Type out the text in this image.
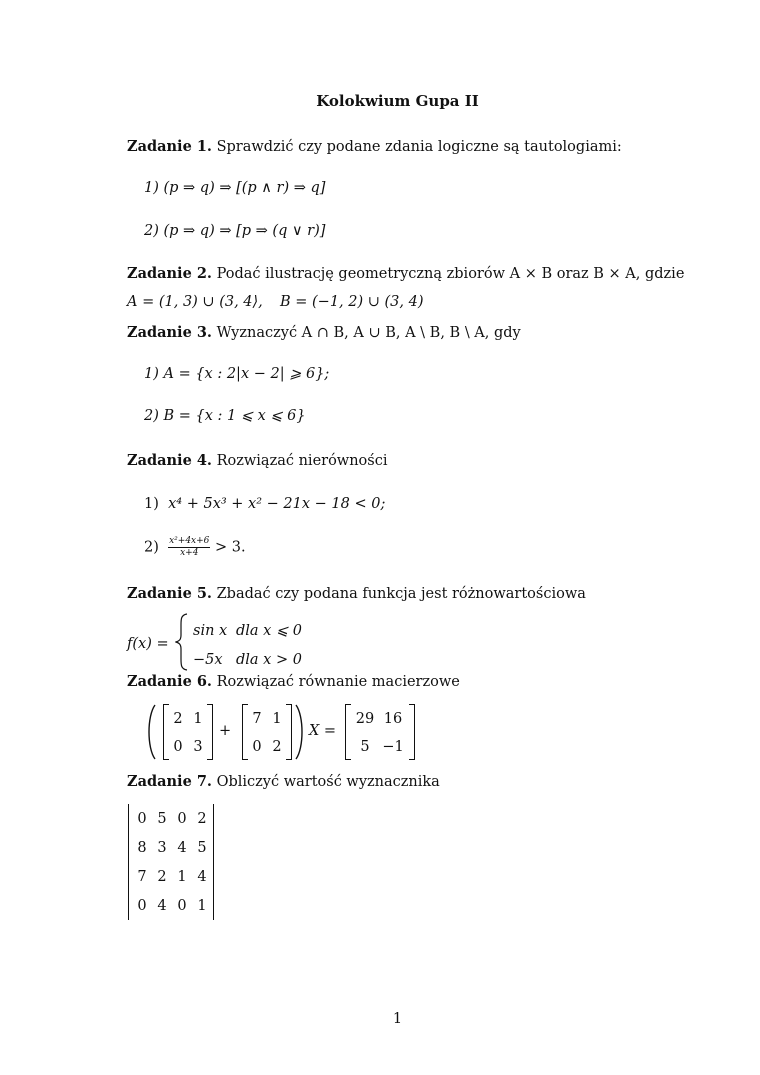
Kolokwium Gupa II
Zadanie 1. Sprawdzić czy podane zdania logiczne są tautologiami:
1) (p ⇒ q) ⇒ [(p ∧ r) ⇒ q]
2) (p ⇒ q) ⇒ [p ⇒ (q ∨ r)]
Zadanie 2. Podać ilustrację geometryczną zbiorów A × B oraz B × A, gdzie
A = (1, 3) ∪ (3, 4⟩, B = (−1, 2) ∪ (3, 4)
Zadanie 3. Wyznaczyć A ∩ B, A ∪ B, A \ B, B \ A, gdy
1) A = {x : 2|x − 2| ⩾ 6};
2) B = {x : 1 ⩽ x ⩽ 6}
Zadanie 4. Rozwiązać nierówności
1) x⁴ + 5x³ + x² − 21x − 18 < 0;
$2) \frac{\text{x²+4x+6}}{x+4} > 3$.
Zadanie 5. Zbadać czy podana funkcja jest różnowartościowa
f(x) =
sin x dla x ⩽ 0
−5x dla x > 0
Zadanie 6. Rozwiązać równanie macierzowe
2 1
0 3
+
7 1
0 2
X =
29 16
5 −1
Zadanie 7. Obliczyć wartość wyznacznika
0 5 0 2
8 3 4 5
7 2 1 4
0 4 0 1
1
